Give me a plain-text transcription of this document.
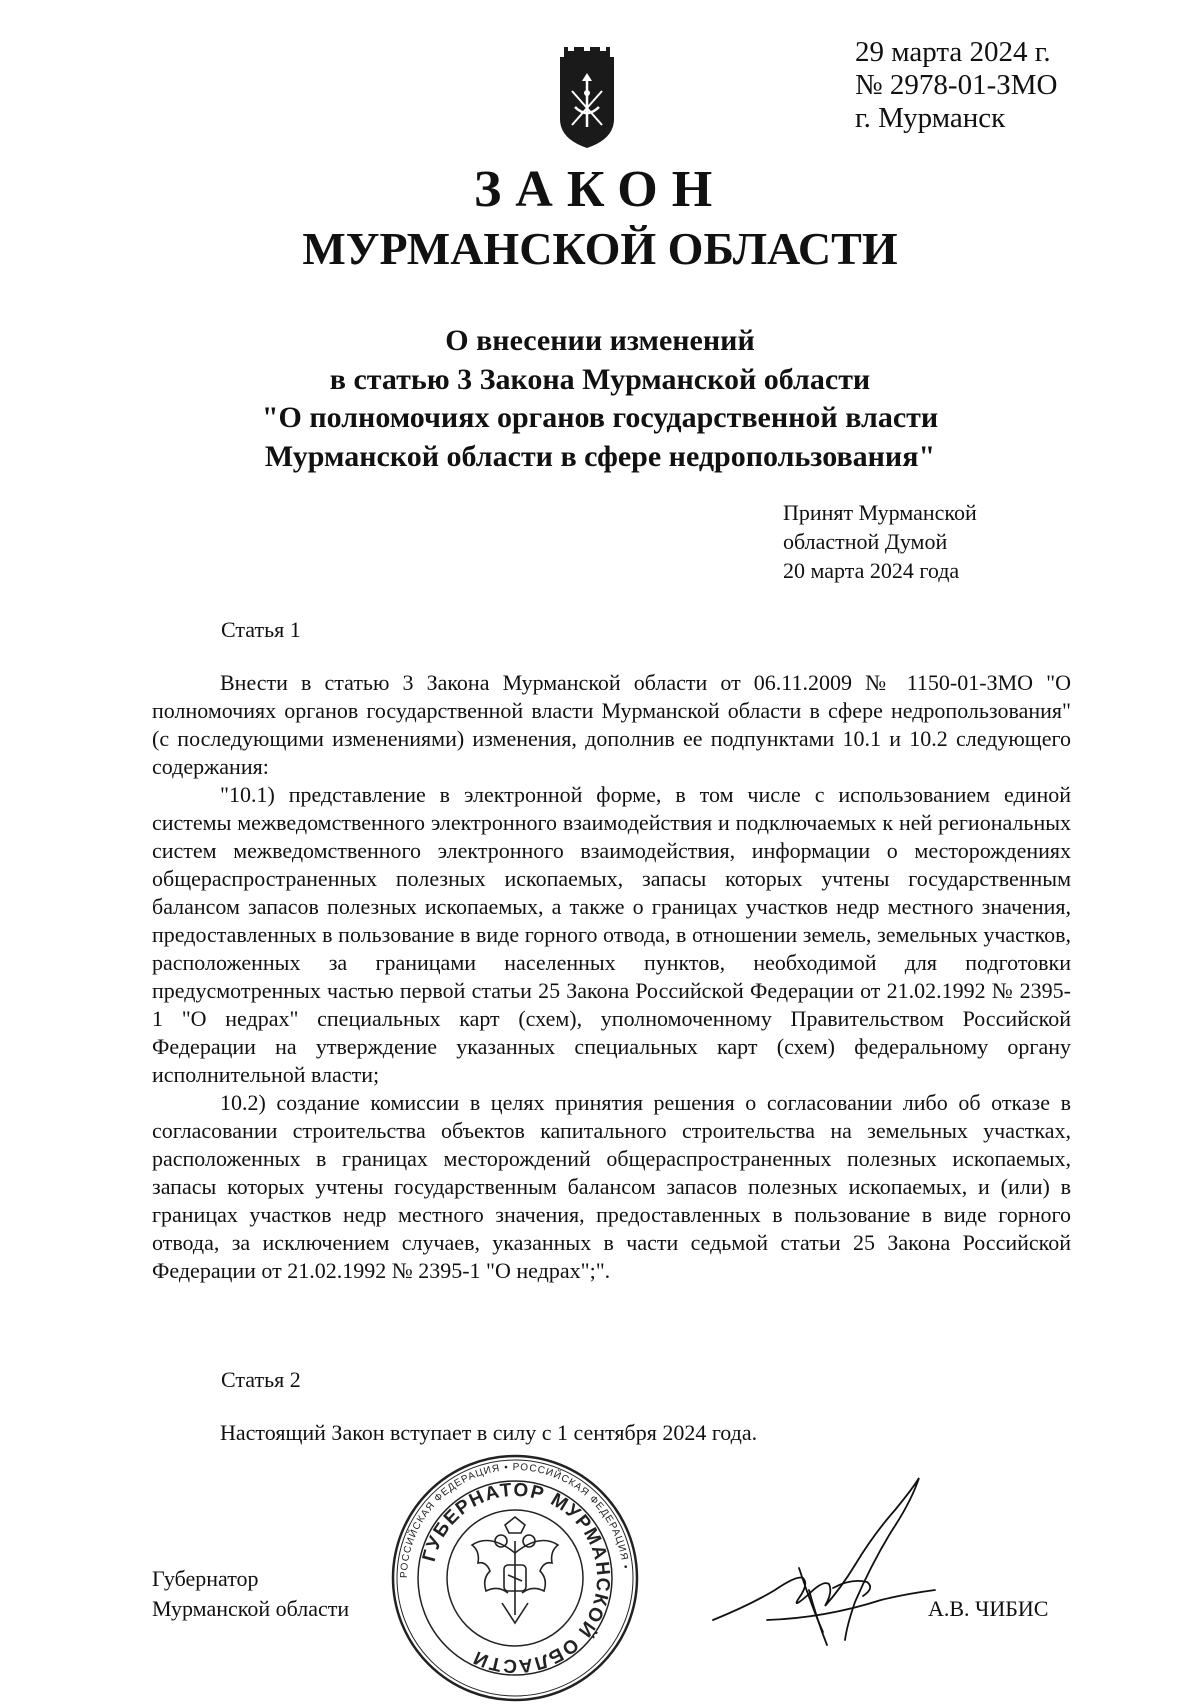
29 марта 2024 г.
№ 2978-01-ЗМО
г. Мурманск
ЗАКОН
МУРМАНСКОЙ ОБЛАСТИ
О внесении изменений
в статью 3 Закона Мурманской области
"О полномочиях органов государственной власти
Мурманской области в сфере недропользования"
Принят Мурманской
областной Думой
20 марта 2024 года
Статья 1

Внести в статью 3 Закона Мурманской области от 06.11.2009 № 1150-01-ЗМО "О полномочиях органов государственной власти Мурманской области в сфере недропользования" (с последующими изменениями) изменения, дополнив ее подпунктами 10.1 и 10.2 следующего содержания:

"10.1) представление в электронной форме, в том числе с использованием единой системы межведомственного электронного взаимодействия и подключаемых к ней региональных систем межведомственного электронного взаимодействия, информации о месторождениях общераспространенных полезных ископаемых, запасы которых учтены государственным балансом запасов полезных ископаемых, а также о границах участков недр местного значения, предоставленных в пользование в виде горного отвода, в отношении земель, земельных участков, расположенных за границами населенных пунктов, необходимой для подготовки предусмотренных частью первой статьи 25 Закона Российской Федерации от 21.02.1992 № 2395-1 "О недрах" специальных карт (схем), уполномоченному Правительством Российской Федерации на утверждение указанных специальных карт (схем) федеральному органу исполнительной власти;

10.2) создание комиссии в целях принятия решения о согласовании либо об отказе в согласовании строительства объектов капитального строительства на земельных участках, расположенных в границах месторождений общераспространенных полезных ископаемых, запасы которых учтены государственным балансом запасов полезных ископаемых, и (или) в границах участков недр местного значения, предоставленных в пользование в виде горного отвода, за исключением случаев, указанных в части седьмой статьи 25 Закона Российской Федерации от 21.02.1992 № 2395-1 "О недрах";".

Статья 2

Настоящий Закон вступает в силу с 1 сентября 2024 года.

Губернатор
Мурманской области	А.В. ЧИБИС
РОССИЙСКАЯ ФЕДЕРАЦИЯ • РОССИЙСКАЯ ФЕДЕРАЦИЯ •
ГУБЕРНАТОР МУРМАНСКОЙ ОБЛАСТИ
